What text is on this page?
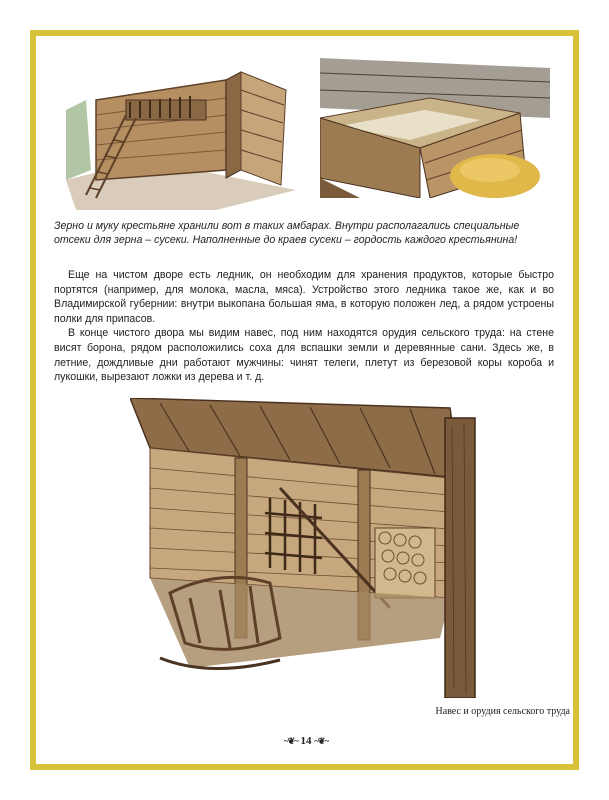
Зерно и муку крестьяне хранили вот в таких амбарах. Внутри располагались специальные отсеки для зерна – сусеки. Наполненные до краев сусеки – гордость каждого крестьянина!

Еще на чистом дворе есть ледник, он необходим для хранения продуктов, которые быстро портятся (например, для молока, масла, мяса). Устройство этого ледника такое же, как и во Владимирской губернии: внутри выкопана большая яма, в которую положен лед, а рядом устроены полки для припасов.

В конце чистого двора мы видим навес, под ним находятся орудия сельского труда: на стене висят борона, рядом расположились соха для вспашки земли и деревянные сани. Здесь же, в летние, дождливые дни работают мужчины: чинят телеги, плетут из березовой коры короба и лукошки, вырезают ложки из дерева и т. д.

Навес и орудия сельского труда

~❦~ 14 ~❦~
